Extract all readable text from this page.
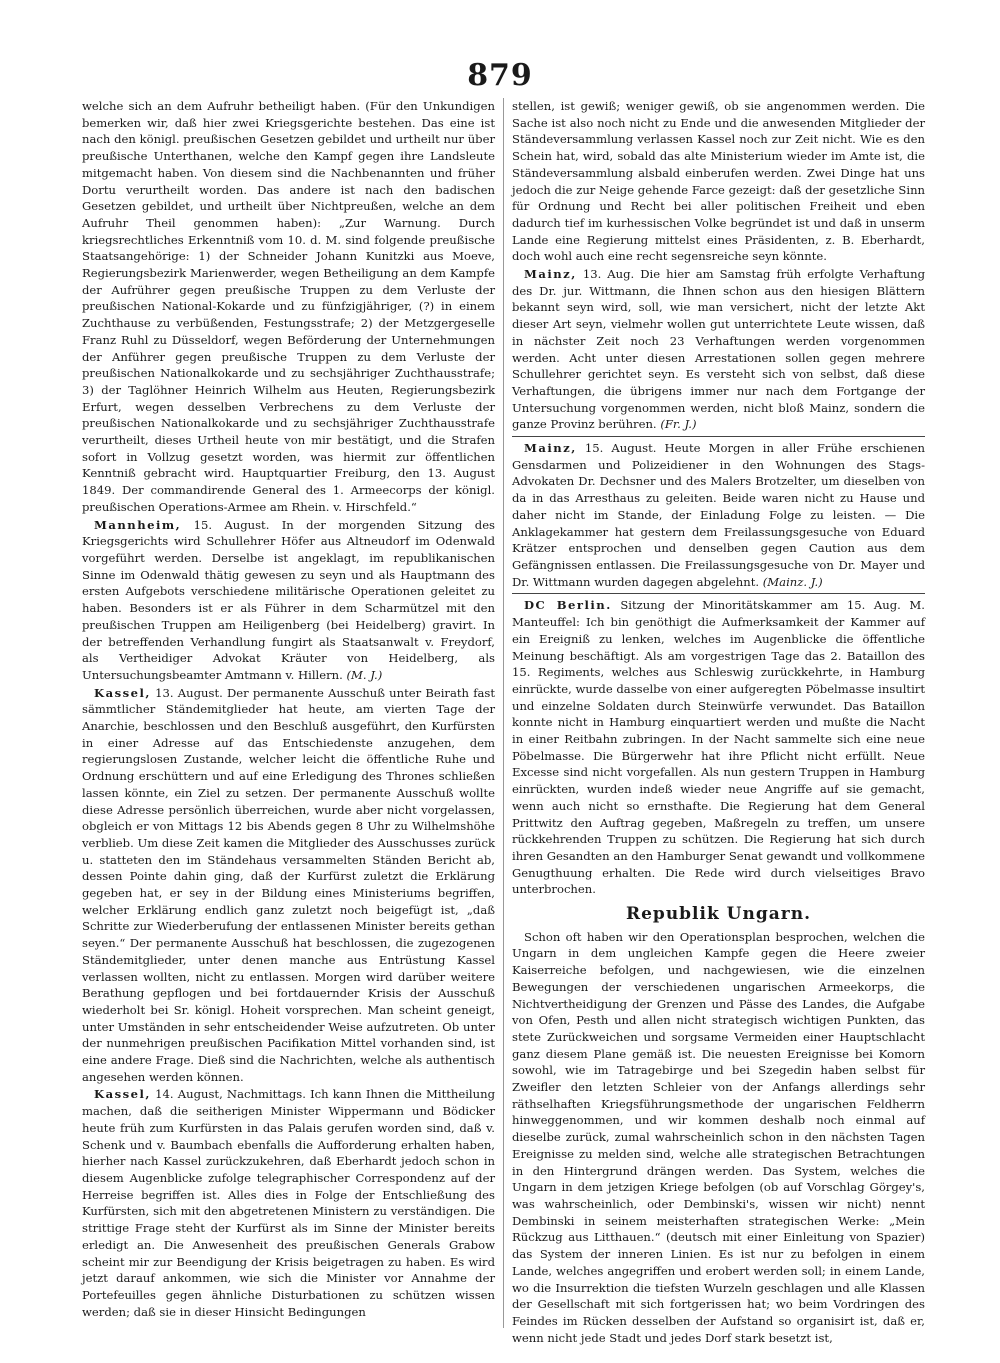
879

welche sich an dem Aufruhr betheiligt haben. (Für den Unkundigen bemerken wir, daß hier zwei Kriegsgerichte bestehen. Das eine ist nach den königl. preußischen Gesetzen gebildet und urtheilt nur über preußische Unterthanen, welche den Kampf gegen ihre Landsleute mitgemacht haben. Von diesem sind die Nachbenannten und früher Dortu verurtheilt worden. Das andere ist nach den badischen Gesetzen gebildet, und urtheilt über Nichtpreußen, welche an dem Aufruhr Theil genommen haben): „Zur Warnung. Durch kriegsrechtliches Erkenntniß vom 10. d. M. sind folgende preußische Staatsangehörige: 1) der Schneider Johann Kunitzki aus Moeve, Regierungsbezirk Marienwerder, wegen Betheiligung an dem Kampfe der Aufrührer gegen preußische Truppen zu dem Verluste der preußischen National-Kokarde und zu fünfzigjähriger, (?) in einem Zuchthause zu verbüßenden, Festungsstrafe; 2) der Metzgergeselle Franz Ruhl zu Düsseldorf, wegen Beförderung der Unternehmungen der Anführer gegen preußische Truppen zu dem Verluste der preußischen Nationalkokarde und zu sechsjähriger Zuchthausstrafe; 3) der Taglöhner Heinrich Wilhelm aus Heuten, Regierungsbezirk Erfurt, wegen desselben Verbrechens zu dem Verluste der preußischen Nationalkokarde und zu sechsjähriger Zuchthausstrafe verurtheilt, dieses Urtheil heute von mir bestätigt, und die Strafen sofort in Vollzug gesetzt worden, was hiermit zur öffentlichen Kenntniß gebracht wird. Hauptquartier Freiburg, den 13. August 1849. Der commandirende General des 1. Armeecorps der königl. preußischen Operations-Armee am Rhein. v. Hirschfeld.“

Mannheim, 15. August. In der morgenden Sitzung des Kriegsgerichts wird Schullehrer Höfer aus Altneudorf im Odenwald vorgeführt werden. Derselbe ist angeklagt, im republikanischen Sinne im Odenwald thätig gewesen zu seyn und als Hauptmann des ersten Aufgebots verschiedene militärische Operationen geleitet zu haben. Besonders ist er als Führer in dem Scharmützel mit den preußischen Truppen am Heiligenberg (bei Heidelberg) gravirt. In der betreffenden Verhandlung fungirt als Staatsanwalt v. Freydorf, als Vertheidiger Advokat Kräuter von Heidelberg, als Untersuchungsbeamter Amtmann v. Hillern. (M. J.)

Kassel, 13. August. Der permanente Ausschuß unter Beirath fast sämmtlicher Ständemitglieder hat heute, am vierten Tage der Anarchie, beschlossen und den Beschluß ausgeführt, den Kurfürsten in einer Adresse auf das Entschiedenste anzugehen, dem regierungslosen Zustande, welcher leicht die öffentliche Ruhe und Ordnung erschüttern und auf eine Erledigung des Thrones schließen lassen könnte, ein Ziel zu setzen. Der permanente Ausschuß wollte diese Adresse persönlich überreichen, wurde aber nicht vorgelassen, obgleich er von Mittags 12 bis Abends gegen 8 Uhr zu Wilhelmshöhe verblieb. Um diese Zeit kamen die Mitglieder des Ausschusses zurück u. statteten den im Ständehaus versammelten Ständen Bericht ab, dessen Pointe dahin ging, daß der Kurfürst zuletzt die Erklärung gegeben hat, er sey in der Bildung eines Ministeriums begriffen, welcher Erklärung endlich ganz zuletzt noch beigefügt ist, „daß Schritte zur Wiederberufung der entlassenen Minister bereits gethan seyen.“ Der permanente Ausschuß hat beschlossen, die zugezogenen Ständemitglieder, unter denen manche aus Entrüstung Kassel verlassen wollten, nicht zu entlassen. Morgen wird darüber weitere Berathung gepflogen und bei fortdauernder Krisis der Ausschuß wiederholt bei Sr. königl. Hoheit vorsprechen. Man scheint geneigt, unter Umständen in sehr entscheidender Weise aufzutreten. Ob unter der nunmehrigen preußischen Pacifikation Mittel vorhanden sind, ist eine andere Frage. Dieß sind die Nachrichten, welche als authentisch angesehen werden können.

Kassel, 14. August, Nachmittags. Ich kann Ihnen die Mittheilung machen, daß die seitherigen Minister Wippermann und Bödicker heute früh zum Kurfürsten in das Palais gerufen worden sind, daß v. Schenk und v. Baumbach ebenfalls die Aufforderung erhalten haben, hierher nach Kassel zurückzukehren, daß Eberhardt jedoch schon in diesem Augenblicke zufolge telegraphischer Correspondenz auf der Herreise begriffen ist. Alles dies in Folge der Entschließung des Kurfürsten, sich mit den abgetretenen Ministern zu verständigen. Die strittige Frage steht der Kurfürst als im Sinne der Minister bereits erledigt an. Die Anwesenheit des preußischen Generals Grabow scheint mir zur Beendigung der Krisis beigetragen zu haben. Es wird jetzt darauf ankommen, wie sich die Minister vor Annahme der Portefeuilles gegen ähnliche Disturbationen zu schützen wissen werden; daß sie in dieser Hinsicht Bedingungen

stellen, ist gewiß; weniger gewiß, ob sie angenommen werden. Die Sache ist also noch nicht zu Ende und die anwesenden Mitglieder der Ständeversammlung verlassen Kassel noch zur Zeit nicht. Wie es den Schein hat, wird, sobald das alte Ministerium wieder im Amte ist, die Ständeversammlung alsbald einberufen werden. Zwei Dinge hat uns jedoch die zur Neige gehende Farce gezeigt: daß der gesetzliche Sinn für Ordnung und Recht bei aller politischen Freiheit und eben dadurch tief im kurhessischen Volke begründet ist und daß in unserm Lande eine Regierung mittelst eines Präsidenten, z. B. Eberhardt, doch wohl auch eine recht segensreiche seyn könnte.

Mainz, 13. Aug. Die hier am Samstag früh erfolgte Verhaftung des Dr. jur. Wittmann, die Ihnen schon aus den hiesigen Blättern bekannt seyn wird, soll, wie man versichert, nicht der letzte Akt dieser Art seyn, vielmehr wollen gut unterrichtete Leute wissen, daß in nächster Zeit noch 23 Verhaftungen werden vorgenommen werden. Acht unter diesen Arrestationen sollen gegen mehrere Schullehrer gerichtet seyn. Es versteht sich von selbst, daß diese Verhaftungen, die übrigens immer nur nach dem Fortgange der Untersuchung vorgenommen werden, nicht bloß Mainz, sondern die ganze Provinz berühren. (Fr. J.)

Mainz, 15. August. Heute Morgen in aller Frühe erschienen Gensdarmen und Polizeidiener in den Wohnungen des Stags-Advokaten Dr. Dechsner und des Malers Brotzelter, um dieselben von da in das Arresthaus zu geleiten. Beide waren nicht zu Hause und daher nicht im Stande, der Einladung Folge zu leisten. — Die Anklagekammer hat gestern dem Freilassungsgesuche von Eduard Krätzer entsprochen und denselben gegen Caution aus dem Gefängnissen entlassen. Die Freilassungsgesuche von Dr. Mayer und Dr. Wittmann wurden dagegen abgelehnt. (Mainz. J.)

DC Berlin. Sitzung der Minoritätskammer am 15. Aug. M. Manteuffel: Ich bin genöthigt die Aufmerksamkeit der Kammer auf ein Ereigniß zu lenken, welches im Augenblicke die öffentliche Meinung beschäftigt. Als am vorgestrigen Tage das 2. Bataillon des 15. Regiments, welches aus Schleswig zurückkehrte, in Hamburg einrückte, wurde dasselbe von einer aufgeregten Pöbelmasse insultirt und einzelne Soldaten durch Steinwürfe verwundet. Das Bataillon konnte nicht in Hamburg einquartiert werden und mußte die Nacht in einer Reitbahn zubringen. In der Nacht sammelte sich eine neue Pöbelmasse. Die Bürgerwehr hat ihre Pflicht nicht erfüllt. Neue Excesse sind nicht vorgefallen. Als nun gestern Truppen in Hamburg einrückten, wurden indeß wieder neue Angriffe auf sie gemacht, wenn auch nicht so ernsthafte. Die Regierung hat dem General Prittwitz den Auftrag gegeben, Maßregeln zu treffen, um unsere rückkehrenden Truppen zu schützen. Die Regierung hat sich durch ihren Gesandten an den Hamburger Senat gewandt und vollkommene Genugthuung erhalten. Die Rede wird durch vielseitiges Bravo unterbrochen.

Republik Ungarn.

Schon oft haben wir den Operationsplan besprochen, welchen die Ungarn in dem ungleichen Kampfe gegen die Heere zweier Kaiserreiche befolgen, und nachgewiesen, wie die einzelnen Bewegungen der verschiedenen ungarischen Armeekorps, die Nichtvertheidigung der Grenzen und Pässe des Landes, die Aufgabe von Ofen, Pesth und allen nicht strategisch wichtigen Punkten, das stete Zurückweichen und sorgsame Vermeiden einer Hauptschlacht ganz diesem Plane gemäß ist. Die neuesten Ereignisse bei Komorn sowohl, wie im Tatragebirge und bei Szegedin haben selbst für Zweifler den letzten Schleier von der Anfangs allerdings sehr räthselhaften Kriegsführungsmethode der ungarischen Feldherrn hinweggenommen, und wir kommen deshalb noch einmal auf dieselbe zurück, zumal wahrscheinlich schon in den nächsten Tagen Ereignisse zu melden sind, welche alle strategischen Betrachtungen in den Hintergrund drängen werden. Das System, welches die Ungarn in dem jetzigen Kriege befolgen (ob auf Vorschlag Görgey's, was wahrscheinlich, oder Dembinski's, wissen wir nicht) nennt Dembinski in seinem meisterhaften strategischen Werke: „Mein Rückzug aus Litthauen.“ (deutsch mit einer Einleitung von Spazier) das System der inneren Linien. Es ist nur zu befolgen in einem Lande, welches angegriffen und erobert werden soll; in einem Lande, wo die Insurrektion die tiefsten Wurzeln geschlagen und alle Klassen der Gesellschaft mit sich fortgerissen hat; wo beim Vordringen des Feindes im Rücken desselben der Aufstand so organisirt ist, daß er, wenn nicht jede Stadt und jedes Dorf stark besetzt ist,
